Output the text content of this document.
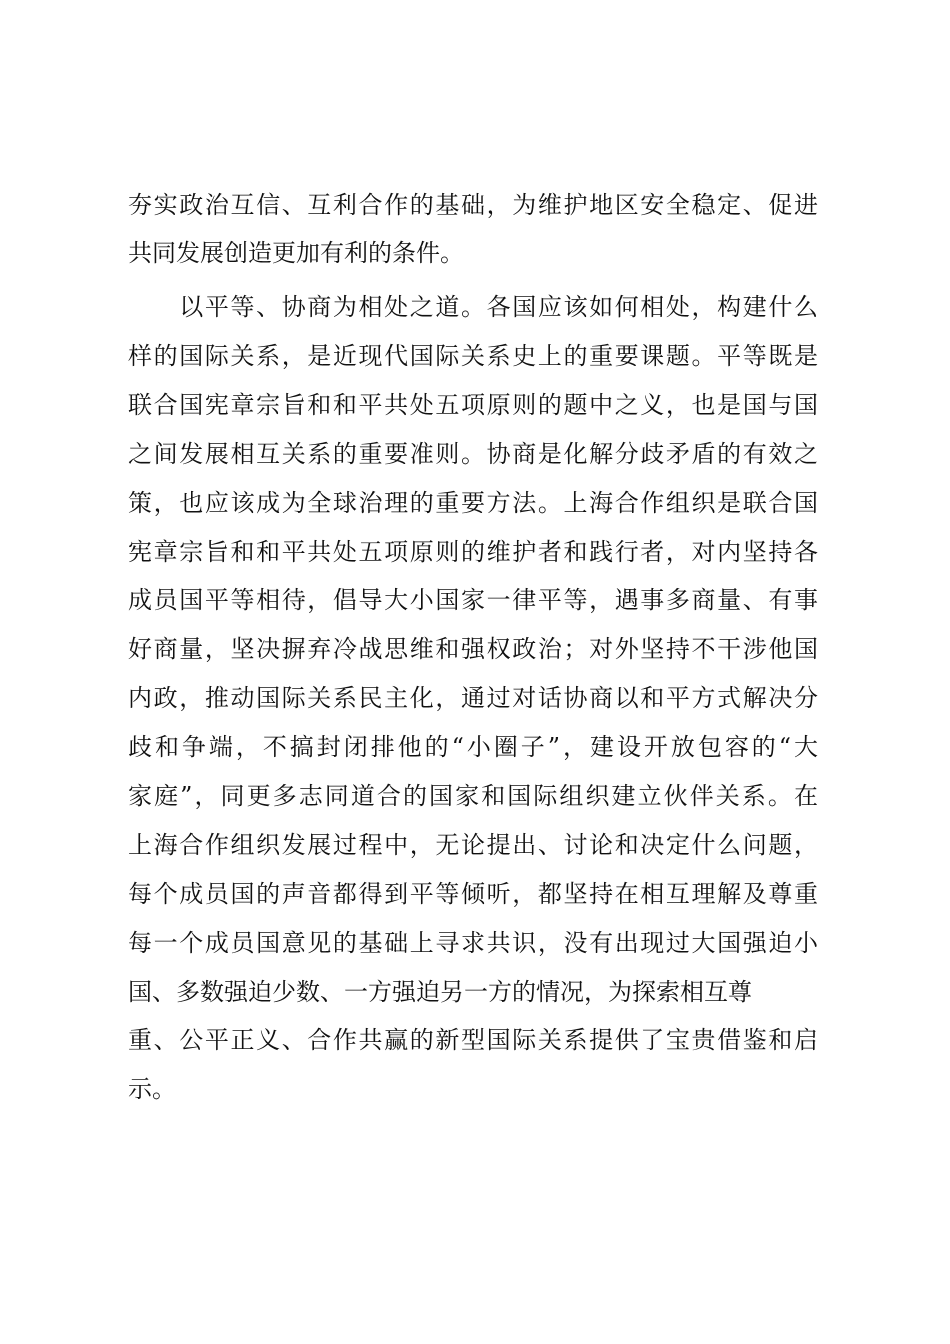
夯实政治互信、互利合作的基础，为维护地区安全稳定、促进
共同发展创造更加有利的条件。
　　以平等、协商为相处之道。各国应该如何相处，构建什么
样的国际关系，是近现代国际关系史上的重要课题。平等既是
联合国宪章宗旨和和平共处五项原则的题中之义，也是国与国
之间发展相互关系的重要准则。协商是化解分歧矛盾的有效之
策，也应该成为全球治理的重要方法。上海合作组织是联合国
宪章宗旨和和平共处五项原则的维护者和践行者，对内坚持各
成员国平等相待，倡导大小国家一律平等，遇事多商量、有事
好商量，坚决摒弃冷战思维和强权政治；对外坚持不干涉他国
内政，推动国际关系民主化，通过对话协商以和平方式解决分
歧和争端，不搞封闭排他的“小圈子”，建设开放包容的“大
家庭”，同更多志同道合的国家和国际组织建立伙伴关系。在
上海合作组织发展过程中，无论提出、讨论和决定什么问题，
每个成员国的声音都得到平等倾听，都坚持在相互理解及尊重
每一个成员国意见的基础上寻求共识，没有出现过大国强迫小
国、多数强迫少数、一方强迫另一方的情况，为探索相互尊
重、公平正义、合作共赢的新型国际关系提供了宝贵借鉴和启
示。
